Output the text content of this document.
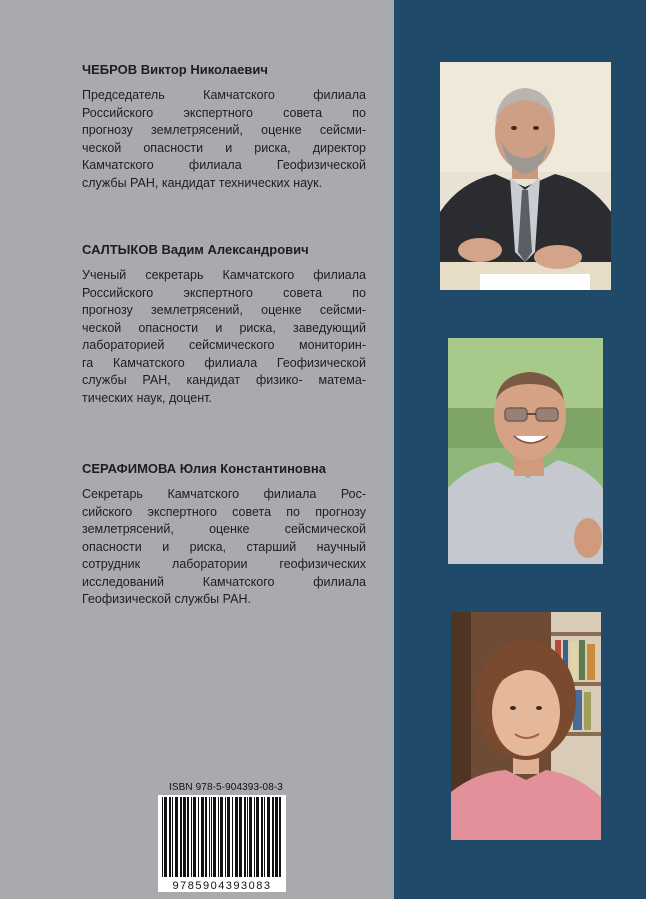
ЧЕБРОВ Виктор Николаевич

Председатель Камчатского филиала
Российского экспертного совета по
прогнозу землетрясений, оценке сейсми-
ческой опасности и риска, директор
Камчатского филиала Геофизической
службы РАН, кандидат технических наук.

САЛТЫКОВ Вадим Александрович

Ученый секретарь Камчатского филиала
Российского экспертного совета по
прогнозу землетрясений, оценке сейсми-
ческой опасности и риска, заведующий
лабораторией сейсмического мониторин-
га Камчатского филиала Геофизической
службы РАН, кандидат физико- матема-
тических наук, доцент.

СЕРАФИМОВА Юлия Константиновна

Секретарь Камчатского филиала Рос-
сийского экспертного совета по прогнозу
землетрясений, оценке сейсмической
опасности и риска, старший научный
сотрудник лаборатории геофизических
исследований Камчатского филиала
Геофизической службы РАН.

ISBN 978-5-904393-08-3
9785904393083
